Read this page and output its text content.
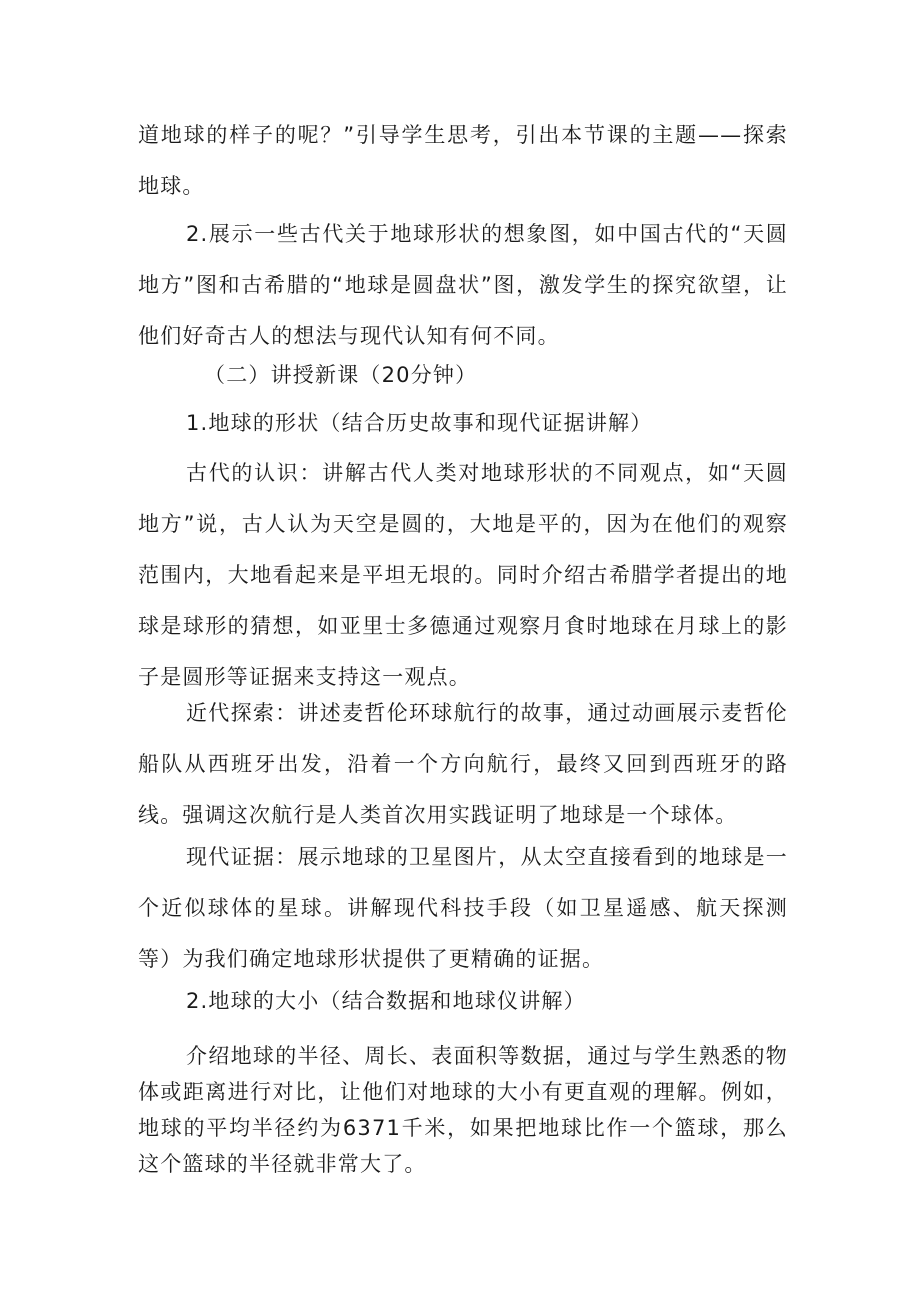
道地球的样子的呢？”引导学生思考，引出本节课的主题——探索地球。

2.展示一些古代关于地球形状的想象图，如中国古代的“天圆地方”图和古希腊的“地球是圆盘状”图，激发学生的探究欲望，让他们好奇古人的想法与现代认知有何不同。

（二）讲授新课（20分钟）

1.地球的形状（结合历史故事和现代证据讲解）

古代的认识：讲解古代人类对地球形状的不同观点，如“天圆地方”说，古人认为天空是圆的，大地是平的，因为在他们的观察范围内，大地看起来是平坦无垠的。同时介绍古希腊学者提出的地球是球形的猜想，如亚里士多德通过观察月食时地球在月球上的影子是圆形等证据来支持这一观点。

近代探索：讲述麦哲伦环球航行的故事，通过动画展示麦哲伦船队从西班牙出发，沿着一个方向航行，最终又回到西班牙的路线。强调这次航行是人类首次用实践证明了地球是一个球体。

现代证据：展示地球的卫星图片，从太空直接看到的地球是一个近似球体的星球。讲解现代科技手段（如卫星遥感、航天探测等）为我们确定地球形状提供了更精确的证据。

2.地球的大小（结合数据和地球仪讲解）

介绍地球的半径、周长、表面积等数据，通过与学生熟悉的物体或距离进行对比，让他们对地球的大小有更直观的理解。例如，地球的平均半径约为6371千米，如果把地球比作一个篮球，那么这个篮球的半径就非常大了。
